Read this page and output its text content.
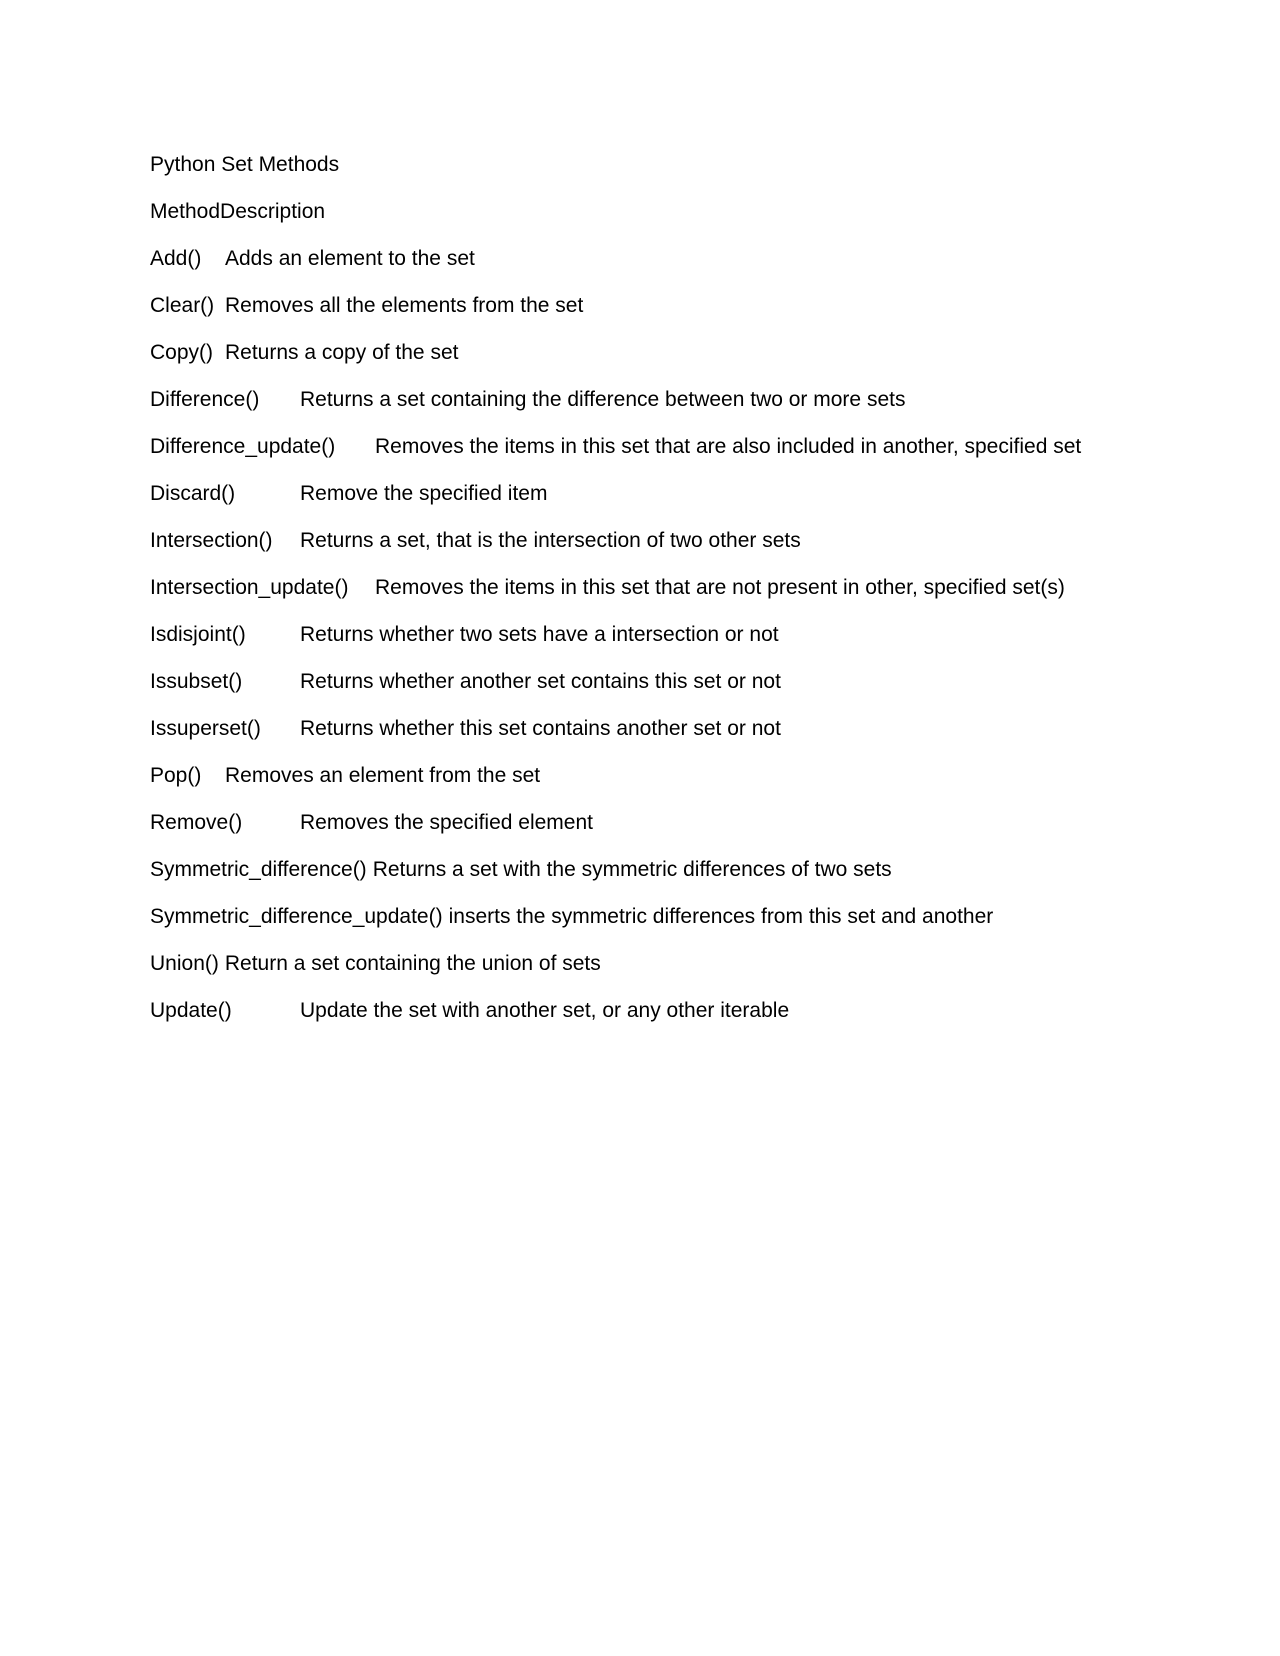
Python Set Methods
MethodDescription
Add()	Adds an element to the set
Clear() Removes all the elements from the set
Copy() Returns a copy of the set
Difference()	Returns a set containing the difference between two or more sets
Difference_update()	Removes the items in this set that are also included in another, specified set
Discard()	Remove the specified item
Intersection()	Returns a set, that is the intersection of two other sets
Intersection_update()	Removes the items in this set that are not present in other, specified set(s)
Isdisjoint()	Returns whether two sets have a intersection or not
Issubset()	Returns whether another set contains this set or not
Issuperset()	Returns whether this set contains another set or not
Pop()	Removes an element from the set
Remove()	Removes the specified element
Symmetric_difference() Returns a set with the symmetric differences of two sets
Symmetric_difference_update() inserts the symmetric differences from this set and another
Union() Return a set containing the union of sets
Update()	Update the set with another set, or any other iterable
